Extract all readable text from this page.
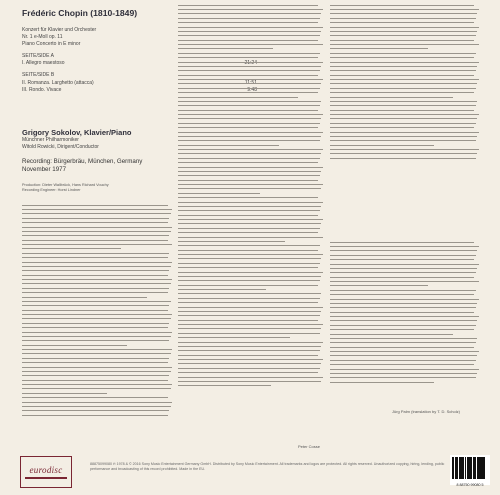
Frédéric Chopin (1810-1849)
Konzert für Klavier und Orchester
Nr. 1 e-Moll op. 11
Piano Concerto in E minor
SEITE/SIDE A
I. Allegro maestoso	21:24
SEITE/SIDE B
II. Romanza. Larghetto (attacca)	11:51
III. Rondo. Vivace	9:48
Grigory Sokolov, Klavier/Piano
Münchner Philharmoniker
Witold Rowicki, Dirigent/Conductor
Recording: Bürgerbräu, München, Germany
November 1977
Production: Dieter Wallbrück, Hans Richard Vouchy
Recording Engineer: Horst Lindner
Peter Cosse
Jürg Palm (translation by T. D. Scholz)
eurodisc
88875099080 ℗ 1978 & © 2016 Sony Music Entertainment Germany GmbH. Distributed by Sony Music Entertainment. All trademarks and logos are protected. All rights reserved. Unauthorized copying, hiring, lending, public performance and broadcasting of this record prohibited. Made in the EU.
8 88750 99080 5
